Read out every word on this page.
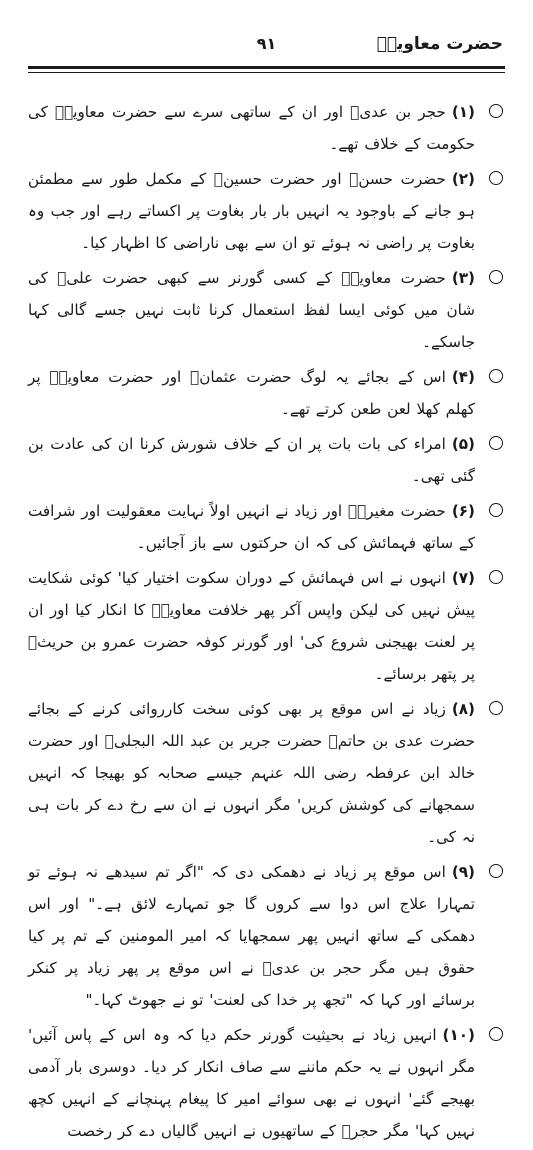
حضرت معاویہؓ
۹۱

(۱)حجر بن عدیؓ اور ان کے ساتھی سرے سے حضرت معاویہؓ کی حکومت کے خلاف تھے۔

(۲)حضرت حسنؓ اور حضرت حسینؓ کے مکمل طور سے مطمئن ہو جانے کے باوجود یہ انہیں بار بار بغاوت پر اکساتے رہے اور جب وہ بغاوت پر راضی نہ ہوئے تو ان سے بھی ناراضی کا اظہار کیا۔

(۳)حضرت معاویہؓ کے کسی گورنر سے کبھی حضرت علیؓ کی شان میں کوئی ایسا لفظ استعمال کرنا ثابت نہیں جسے گالی کہا جاسکے۔

(۴)اس کے بجائے یہ لوگ حضرت عثمانؓ اور حضرت معاویہؓ پر کھلم کھلا لعن طعن کرتے تھے۔

(۵)امراء کی بات بات پر ان کے خلاف شورش کرنا ان کی عادت بن گئی تھی۔

(۶)حضرت مغیرہؓ اور زیاد نے انہیں اولاً نہایت معقولیت اور شرافت کے ساتھ فہمائش کی کہ ان حرکتوں سے باز آجائیں۔

(۷)انہوں نے اس فہمائش کے دوران سکوت اختیار کیا' کوئی شکایت پیش نہیں کی لیکن واپس آکر پھر خلافت معاویہؓ کا انکار کیا اور ان پر لعنت بھیجنی شروع کی' اور گورنر کوفہ حضرت عمرو بن حریثؓ پر پتھر برسائے۔

(۸)زیاد نے اس موقع پر بھی کوئی سخت کارروائی کرنے کے بجائے حضرت عدی بن حاتمؓ حضرت جریر بن عبد اللہ البجلیؓ اور حضرت خالد ابن عرفطہ رضی اللہ عنہم جیسے صحابہ کو بھیجا کہ انہیں سمجھانے کی کوشش کریں' مگر انہوں نے ان سے رخ دے کر بات ہی نہ کی۔

(۹)اس موقع پر زیاد نے دھمکی دی کہ "اگر تم سیدھے نہ ہوئے تو تمہارا علاج اس دوا سے کروں گا جو تمہارے لائق ہے۔" اور اس دھمکی کے ساتھ انہیں پھر سمجھایا کہ امیر المومنین کے تم پر کیا حقوق ہیں مگر حجر بن عدیؓ نے اس موقع پر پھر زیاد پر کنکر برسائے اور کہا کہ "تجھ پر خدا کی لعنت' تو نے جھوٹ کہا۔"

(۱۰)انہیں زیاد نے بحیثیت گورنر حکم دیا کہ وہ اس کے پاس آئیں' مگر انہوں نے یہ حکم ماننے سے صاف انکار کر دیا۔ دوسری بار آدمی بھیجے گئے' انہوں نے بھی سوائے امیر کا پیغام پہنچانے کے انہیں کچھ نہیں کہا' مگر حجرؓ کے ساتھیوں نے انہیں گالیاں دے کر رخصت
